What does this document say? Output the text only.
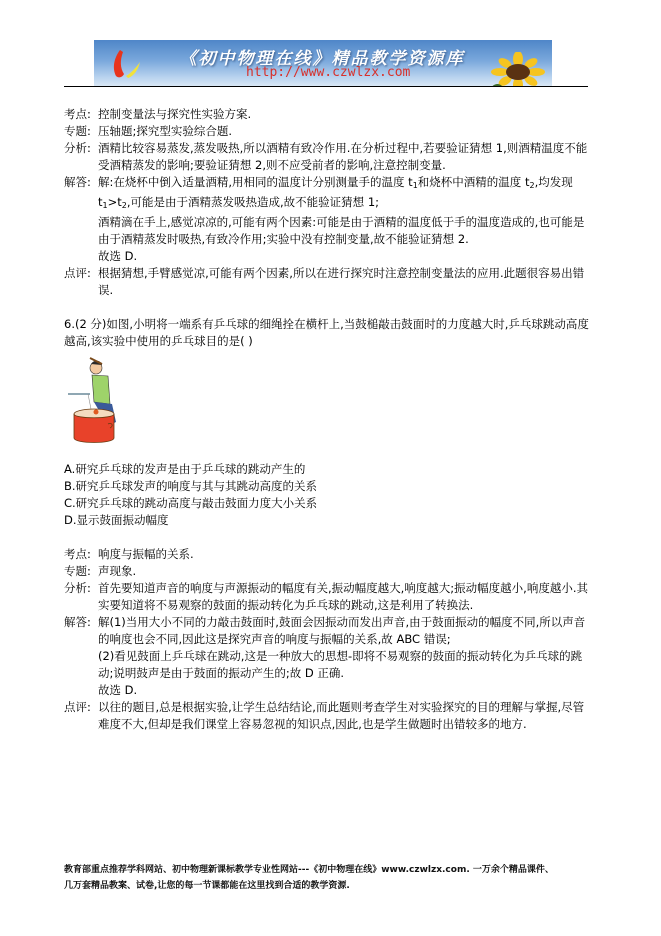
《初中物理在线》精品教学资源库
http://www.czwlzx.com
考点: 控制变量法与探究性实验方案.
专题: 压轴题;探究型实验综合题.
分析: 酒精比较容易蒸发,蒸发吸热,所以酒精有致冷作用.在分析过程中,若要验证猜想 1,则酒精温度不能受酒精蒸发的影响;要验证猜想 2,则不应受前者的影响,注意控制变量.
解答: 解:在烧杯中倒入适量酒精,用相同的温度计分别测量手的温度 $t_1$和烧杯中酒精的温度 $t_2$,均发现 $t_1>t_2$,可能是由于酒精蒸发吸热造成,故不能验证猜想 1;

酒精滴在手上,感觉凉凉的,可能有两个因素:可能是由于酒精的温度低于手的温度造成的,也可能是由于酒精蒸发时吸热,有致冷作用;实验中没有控制变量,故不能验证猜想 2.

故选 D.

点评: 根据猜想,手臂感觉凉,可能有两个因素,所以在进行探究时注意控制变量法的应用.此题很容易出错误.

6.(2 分)如图,小明将一端系有乒乓球的细绳拴在横杆上,当鼓槌敲击鼓面时的力度越大时,乒乓球跳动高度越高,该实验中使用的乒乓球目的是( )

A.研究乒乓球的发声是由于乒乓球的跳动产生的

B.研究乒乓球发声的响度与其与其跳动高度的关系

C.研究乒乓球的跳动高度与敲击鼓面力度大小关系

D.显示鼓面振动幅度

考点: 响度与振幅的关系.
专题: 声现象.
分析: 首先要知道声音的响度与声源振动的幅度有关,振动幅度越大,响度越大;振动幅度越小,响度越小.其实要知道将不易观察的鼓面的振动转化为乒乓球的跳动,这是利用了转换法.
解答: 解(1)当用大小不同的力敲击鼓面时,鼓面会因振动而发出声音,由于鼓面振动的幅度不同,所以声音的响度也会不同,因此这是探究声音的响度与振幅的关系,故 ABC 错误;

(2)看见鼓面上乒乓球在跳动,这是一种放大的思想-即将不易观察的鼓面的振动转化为乒乓球的跳动;说明鼓声是由于鼓面的振动产生的;故 D 正确.

故选 D.

点评: 以往的题目,总是根据实验,让学生总结结论,而此题则考查学生对实验探究的目的理解与掌握,尽管难度不大,但却是我们课堂上容易忽视的知识点,因此,也是学生做题时出错较多的地方.
教育部重点推荐学科网站、初中物理新课标教学专业性网站---《初中物理在线》www.czwlzx.com. 一万余个精品课件、
几万套精品教案、试卷,让您的每一节课都能在这里找到合适的教学资源.
